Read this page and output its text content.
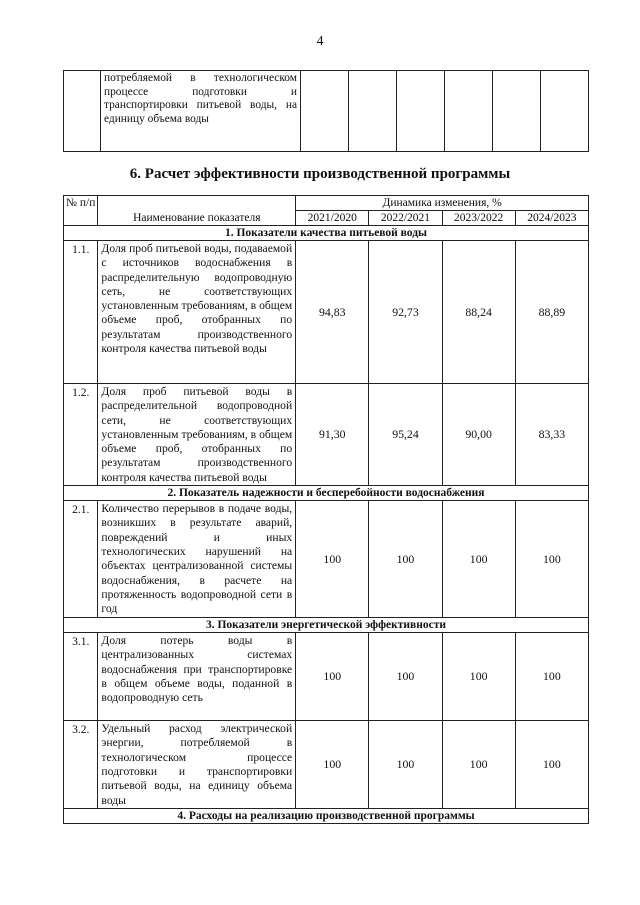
4
	потребляемой в технологическом процессе подготовки и транспортировки питьевой воды, на единицу объема воды						
6. Расчет эффективности производственной программы
№ п/п	Наименование показателя	Динамика изменения, %			
		2021/2020	2022/2021	2023/2022	2024/2023
1. Показатели качества питьевой воды					
1.1.	Доля проб питьевой воды, подаваемой с источников водоснабжения в распределительную водопроводную сеть, не соответствующих установленным требованиям, в общем объеме проб, отобранных по результатам производственного контроля качества питьевой воды	94,83	92,73	88,24	88,89
1.2.	Доля проб питьевой воды в распределительной водопроводной сети, не соответствующих установленным требованиям, в общем объеме проб, отобранных по результатам производственного контроля качества питьевой воды	91,30	95,24	90,00	83,33
2. Показатель надежности и бесперебойности водоснабжения					
2.1.	Количество перерывов в подаче воды, возникших в результате аварий, повреждений и иных технологических нарушений на объектах централизованной системы водоснабжения, в расчете на протяженность водопроводной сети в год	100	100	100	100
3. Показатели энергетической эффективности					
3.1.	Доля потерь воды в централизованных системах водоснабжения при транспортировке в общем объеме воды, поданной в водопроводную сеть	100	100	100	100
3.2.	Удельный расход электрической энергии, потребляемой в технологическом процессе подготовки и транспортировки питьевой воды, на единицу объема воды	100	100	100	100
4. Расходы на реализацию производственной программы					
